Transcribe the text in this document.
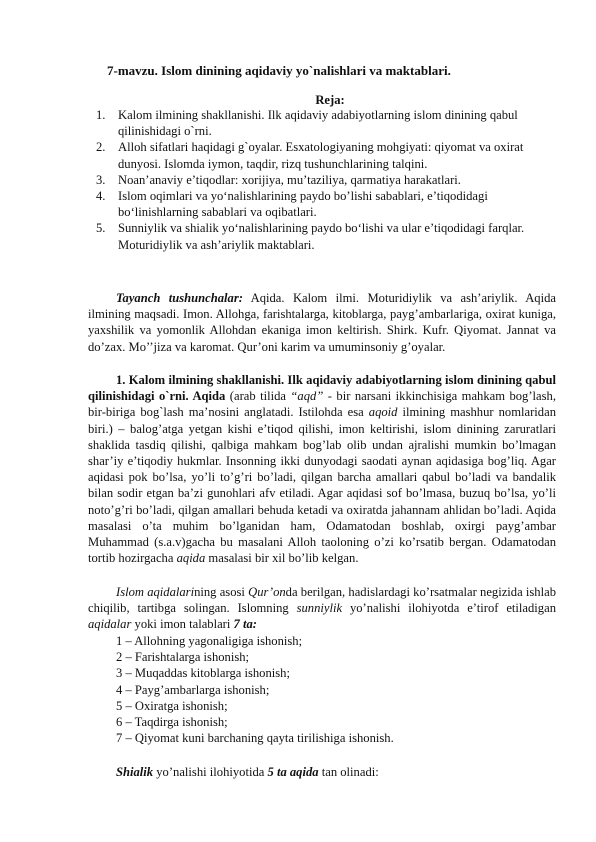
7-mavzu. Islom dinining aqidaviy yo`nalishlari va maktablari.
Reja:
1. Kalom ilmining shakllanishi. Ilk aqidaviy adabiyotlarning islom dinining qabul qilinishidagi o`rni.
2. Alloh sifatlari haqidagi g`oyalar. Esxatologiyaning mohgiyati: qiyomat va oxirat dunyosi. Islomda iymon, taqdir, rizq tushunchlarining talqini.
3. Noan’anaviy e’tiqodlar: xorijiya, mu’taziliya, qarmatiya harakatlari.
4. Islom oqimlari va yo‘nalishlarining paydo bo’lishi sabablari, e’tiqodidagi bo‘linishlarning sabablari va oqibatlari.
5. Sunniylik va shialik yo‘nalishlarining paydo bo‘lishi va ular e’tiqodidagi farqlar. Moturidiylik va ash’ariylik maktablari.

Tayanch tushunchalar: Aqida. Kalom ilmi. Moturidiylik va ash’ariylik. Aqida ilmining maqsadi. Imon. Allohga, farishtalarga, kitoblarga, payg’ambarlariga, oxirat kuniga, yaxshilik va yomonlik Allohdan ekaniga imon keltirish. Shirk. Kufr. Qiyomat. Jannat va do’zax. Mo’’jiza va karomat. Qur’oni karim va umuminsoniy g’oyalar.

1. Kalom ilmining shakllanishi. Ilk aqidaviy adabiyotlarning islom dinining qabul qilinishidagi o`rni. Aqida (arab tilida “aqd” - bir narsani ikkinchisiga mahkam bog’lash, bir-biriga bog`lash ma’nosini anglatadi. Istilohda esa aqoid ilmining mashhur nomlaridan biri.) – balog’atga yetgan kishi e’tiqod qilishi, imon keltirishi, islom dinining zaruratlari shaklida tasdiq qilishi, qalbiga mahkam bog’lab olib undan ajralishi mumkin bo’lmagan shar’iy e’tiqodiy hukmlar. Insonning ikki dunyodagi saodati aynan aqidasiga bog’liq. Agar aqidasi pok bo’lsa, yo’li to’g’ri bo’ladi, qilgan barcha amallari qabul bo’ladi va bandalik bilan sodir etgan ba’zi gunohlari afv etiladi. Agar aqidasi sof bo’lmasa, buzuq bo’lsa, yo’li noto’g’ri bo’ladi, qilgan amallari behuda ketadi va oxiratda jahannam ahlidan bo’ladi. Aqida masalasi o’ta muhim bo’lganidan ham, Odamatodan boshlab, oxirgi payg’ambar Muhammad (s.a.v)gacha bu masalani Alloh taoloning o’zi ko’rsatib bergan. Odamatodan tortib hozirgacha aqida masalasi bir xil bo’lib kelgan.

Islom aqidalarining asosi Qur’onda berilgan, hadislardagi ko’rsatmalar negizida ishlab chiqilib, tartibga solingan. Islomning sunniylik yo’nalishi ilohiyotda e’tirof etiladigan aqidalar yoki imon talablari 7 ta:

1 – Allohning yagonaligiga ishonish;
2 – Farishtalarga ishonish;
3 – Muqaddas kitoblarga ishonish;
4 – Payg’ambarlarga ishonish;
5 – Oxiratga ishonish;
6 – Taqdirga ishonish;
7 – Qiyomat kuni barchaning qayta tirilishiga ishonish.

Shialik yo’nalishi ilohiyotida 5 ta aqida tan olinadi:
